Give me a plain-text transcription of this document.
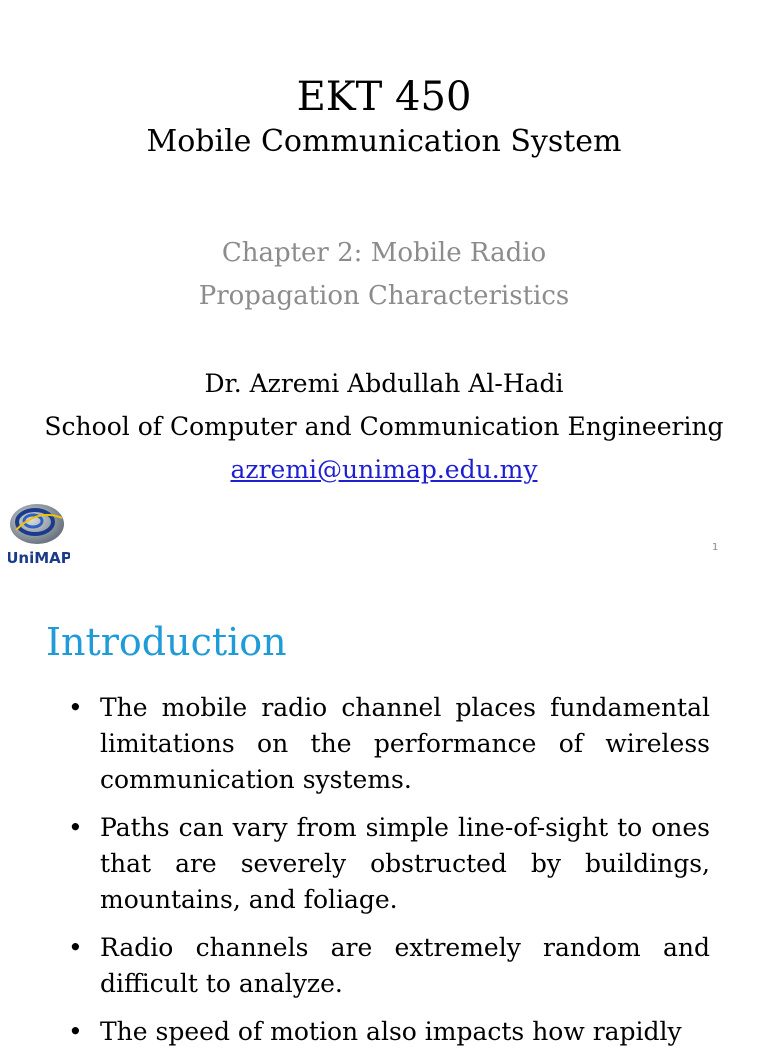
EKT 450
Mobile Communication System
Chapter 2: Mobile Radio
Propagation Characteristics
Dr. Azremi Abdullah Al-Hadi
School of Computer and Communication Engineering
azremi@unimap.edu.my
UniMAP
1
Introduction
• The mobile radio channel places fundamental limitations on the performance of wireless communication systems.
• Paths can vary from simple line-of-sight to ones that are severely obstructed by buildings, mountains, and foliage.
• Radio channels are extremely random and difficult to analyze.
• The speed of motion also impacts how rapidly
